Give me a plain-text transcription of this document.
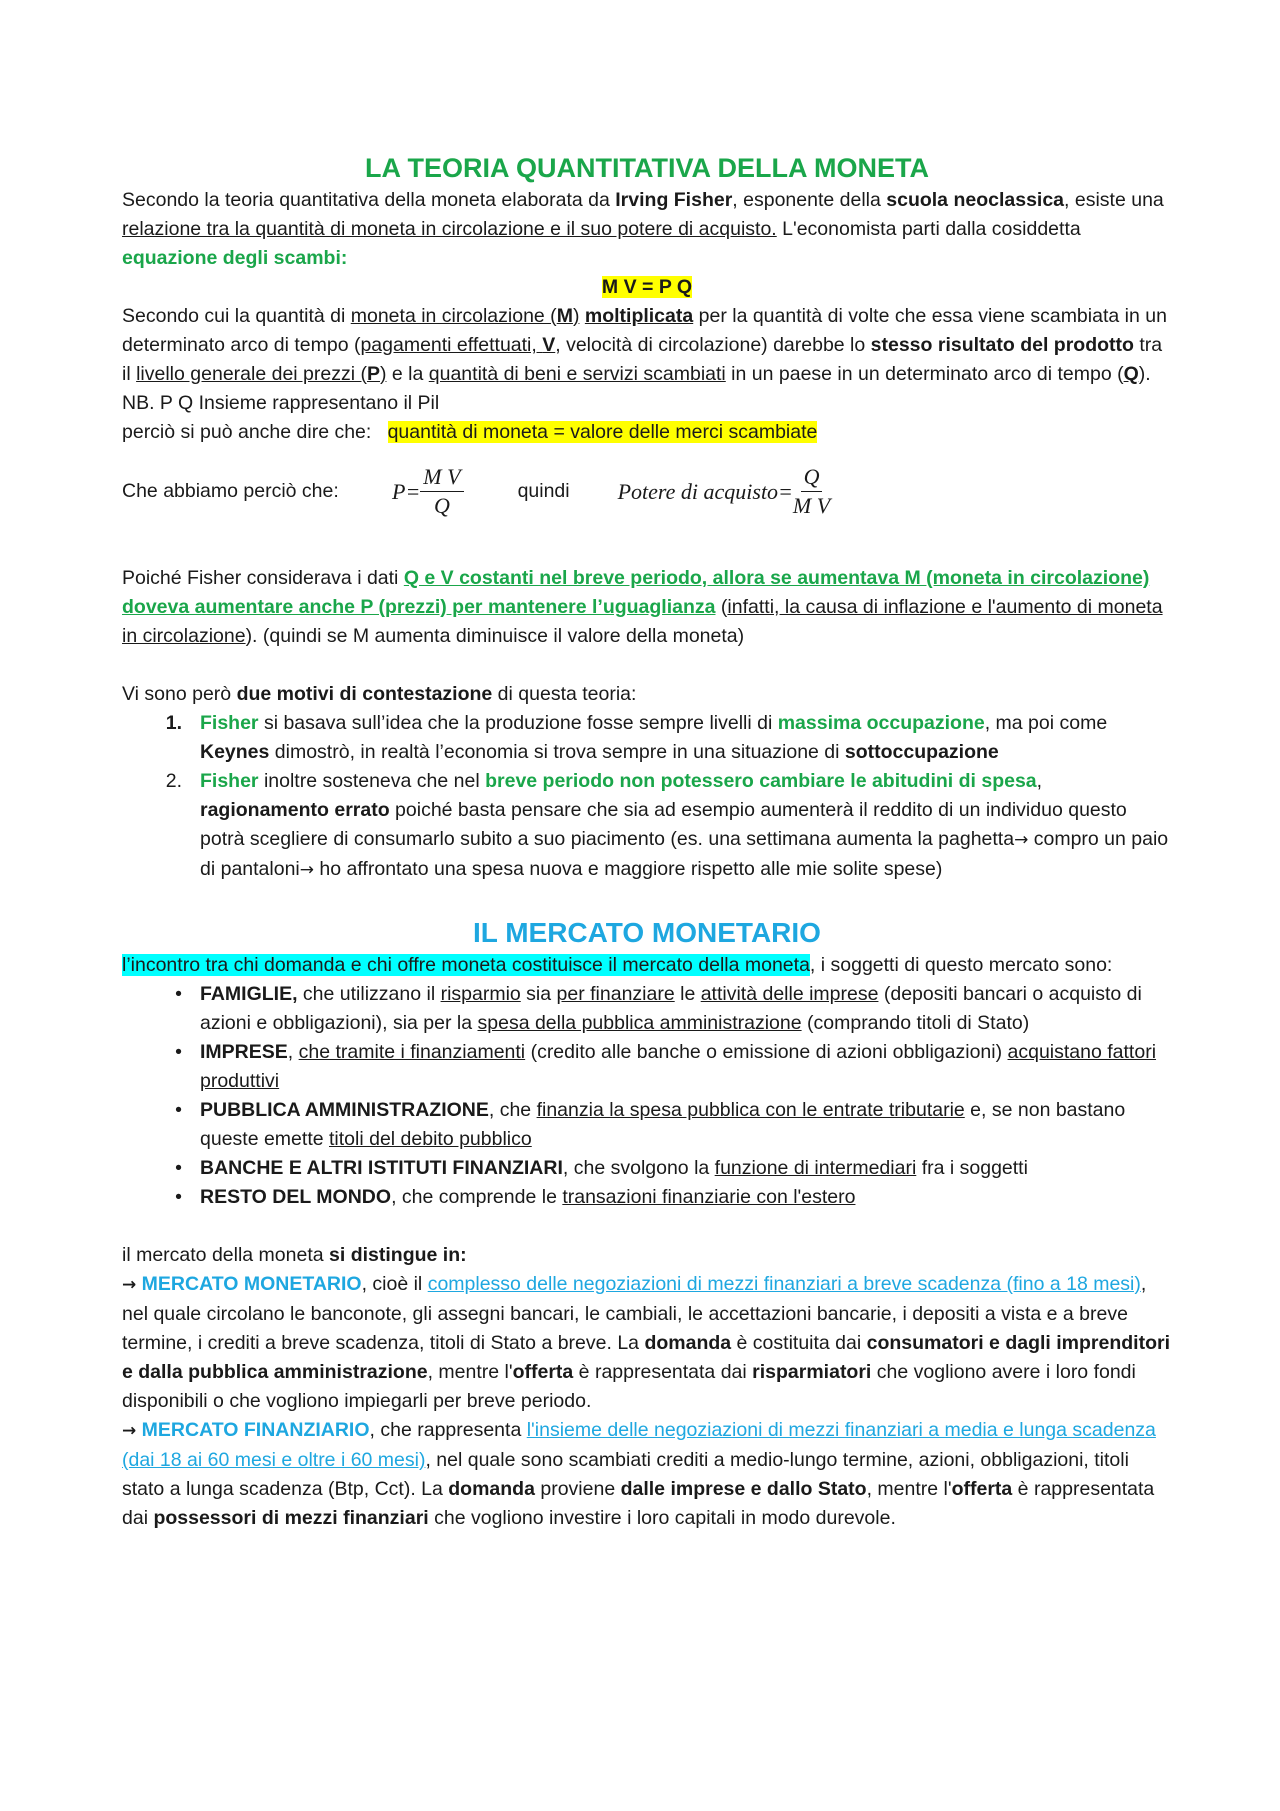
LA TEORIA QUANTITATIVA DELLA MONETA

Secondo la teoria quantitativa della moneta elaborata da Irving Fisher, esponente della scuola neoclassica, esiste una relazione tra la quantità di moneta in circolazione e il suo potere di acquisto. L'economista parti dalla cosiddetta equazione degli scambi:

M V = P Q

Secondo cui la quantità di moneta in circolazione (M) moltiplicata per la quantità di volte che essa viene scambiata in un determinato arco di tempo (pagamenti effettuati, V, velocità di circolazione) darebbe lo stesso risultato del prodotto tra il livello generale dei prezzi (P) e la quantità di beni e servizi scambiati in un paese in un determinato arco di tempo (Q).

NB. P Q Insieme rappresentano il Pil

perciò si può anche dire che:   quantità di moneta = valore delle merci scambiate

Che abbiamo perciò che:	$P= \frac{\text{M V}}{Q}$	quindi	Potere di acquisto= $\frac{Q}{\text{M V}}$

Poiché Fisher considerava i dati Q e V costanti nel breve periodo, allora se aumentava M (moneta in circolazione) doveva aumentare anche P (prezzi) per mantenere l’uguaglianza (infatti, la causa di inflazione e l'aumento di moneta in circolazione). (quindi se M aumenta diminuisce il valore della moneta)

Vi sono però due motivi di contestazione di questa teoria:

1. Fisher si basava sull’idea che la produzione fosse sempre livelli di massima occupazione, ma poi come Keynes dimostrò, in realtà l’economia si trova sempre in una situazione di sottoccupazione
2. Fisher inoltre sosteneva che nel breve periodo non potessero cambiare le abitudini di spesa, ragionamento errato poiché basta pensare che sia ad esempio aumenterà il reddito di un individuo questo potrà scegliere di consumarlo subito a suo piacimento (es. una settimana aumenta la paghetta→ compro un paio di pantaloni→ ho affrontato una spesa nuova e maggiore rispetto alle mie solite spese)
IL MERCATO MONETARIO

l’incontro tra chi domanda e chi offre moneta costituisce il mercato della moneta, i soggetti di questo mercato sono:

• FAMIGLIE, che utilizzano il risparmio sia per finanziare le attività delle imprese (depositi bancari o acquisto di azioni e obbligazioni), sia per la spesa della pubblica amministrazione (comprando titoli di Stato)
• IMPRESE, che tramite i finanziamenti (credito alle banche o emissione di azioni obbligazioni) acquistano fattori produttivi
• PUBBLICA AMMINISTRAZIONE, che finanzia la spesa pubblica con le entrate tributarie e, se non bastano queste emette titoli del debito pubblico
• BANCHE E ALTRI ISTITUTI FINANZIARI, che svolgono la funzione di intermediari fra i soggetti
• RESTO DEL MONDO, che comprende le transazioni finanziarie con l'estero

il mercato della moneta si distingue in:

→ MERCATO MONETARIO, cioè il complesso delle negoziazioni di mezzi finanziari a breve scadenza (fino a 18 mesi), nel quale circolano le banconote, gli assegni bancari, le cambiali, le accettazioni bancarie, i depositi a vista e a breve termine, i crediti a breve scadenza, titoli di Stato a breve. La domanda è costituita dai consumatori e dagli imprenditori e dalla pubblica amministrazione, mentre l'offerta è rappresentata dai risparmiatori che vogliono avere i loro fondi disponibili o che vogliono impiegarli per breve periodo.

→ MERCATO FINANZIARIO, che rappresenta l'insieme delle negoziazioni di mezzi finanziari a media e lunga scadenza (dai 18 ai 60 mesi e oltre i 60 mesi), nel quale sono scambiati crediti a medio-lungo termine, azioni, obbligazioni, titoli stato a lunga scadenza (Btp, Cct). La domanda proviene dalle imprese e dallo Stato, mentre l'offerta è rappresentata dai possessori di mezzi finanziari che vogliono investire i loro capitali in modo durevole.
